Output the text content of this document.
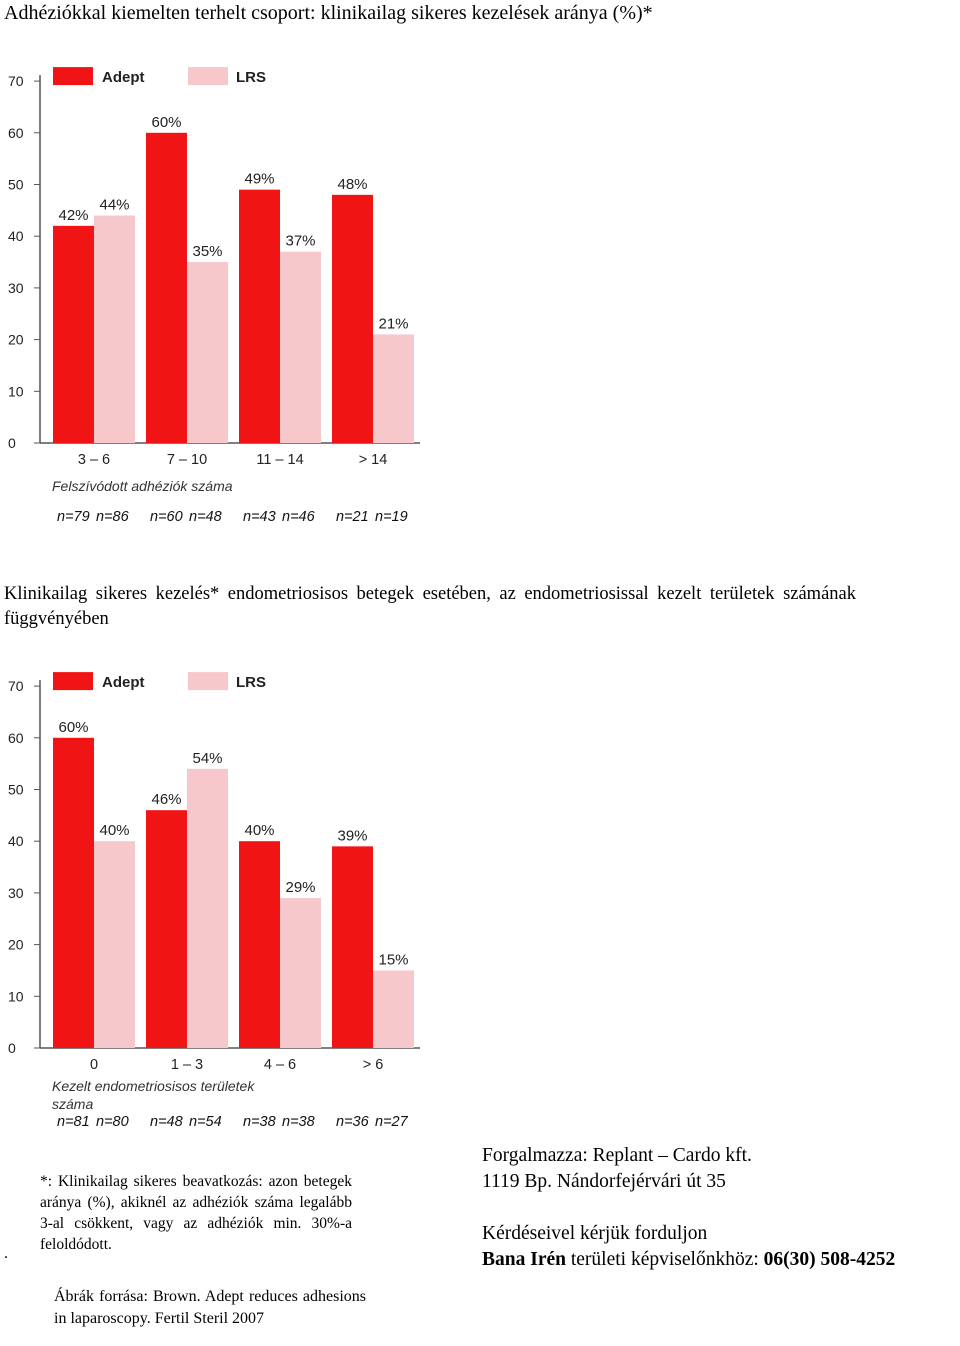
Adhéziókkal kiemelten terhelt csoport: klinikailag sikeres kezelések aránya (%)*
0
10
20
30
40
50
60
70	Adept	LRS
42%
n=79
44%
n=86
3 – 6
60%
n=60
35%
n=48
7 – 10
49%
n=43
37%
n=46
11 – 14
48%
n=21
21%
n=19
> 14
Felszívódott adhéziók száma
Klinikailag sikeres kezelés* endometriosisos betegek esetében, az endometriosissal kezelt területek számának függvényében
0
10
20
30
40
50
60
70	Adept	LRS
60%
n=81
40%
n=80
0
46%
n=48
54%
n=54
1 – 3
40%
n=38
29%
n=38
4 – 6
39%
n=36
15%
n=27
> 6
Kezelt endometriosisos területek száma
*: Klinikailag sikeres beavatkozás: azon betegek aránya (%), akiknél az adhéziók száma legalább 3-al csökkent, vagy az adhéziók min. 30%-a feloldódott.
.
Ábrák forrása: Brown. Adept reduces adhesions in laparoscopy. Fertil Steril 2007
Forgalmazza: Replant – Cardo kft.
1119 Bp. Nándorfejérvári út 35
Kérdéseivel kérjük forduljon
Bana Irén területi képviselőnkhöz: 06(30) 508-4252
